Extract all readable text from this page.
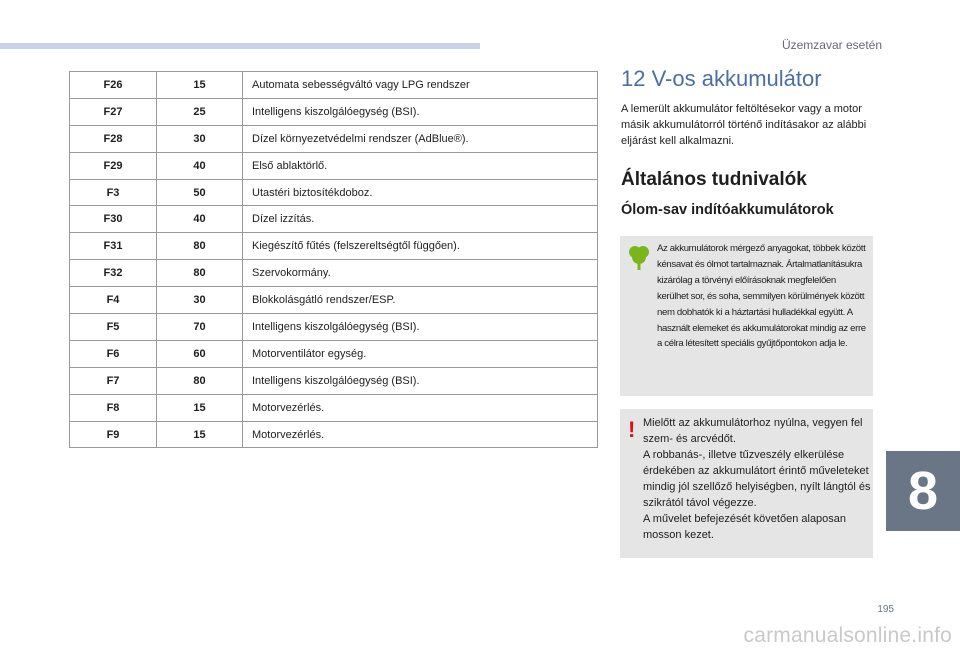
Üzemzavar esetén
F26	15	Automata sebességváltó vagy LPG rendszer
F27	25	Intelligens kiszolgálóegység (BSI).
F28	30	Dízel környezetvédelmi rendszer (AdBlue®).
F29	40	Első ablaktörlő.
F3	50	Utastéri biztosítékdoboz.
F30	40	Dízel izzítás.
F31	80	Kiegészítő fűtés (felszereltségtől függően).
F32	80	Szervokormány.
F4	30	Blokkolásgátló rendszer/ESP.
F5	70	Intelligens kiszolgálóegység (BSI).
F6	60	Motorventilátor egység.
F7	80	Intelligens kiszolgálóegység (BSI).
F8	15	Motorvezérlés.
F9	15	Motorvezérlés.
12 V-os akkumulátor

A lemerült akkumulátor feltöltésekor vagy a motor másik akkumulátorról történő indításakor az alábbi eljárást kell alkalmazni.

Általános tudnivalók
Ólom-sav indítóakkumulátorok

Az akkumulátorok mérgező anyagokat, többek között kénsavat és ólmot tartalmaznak. Ártalmatlanításukra kizárólag a törvényi előírásoknak megfelelően kerülhet sor, és soha, semmilyen körülmények között nem dobhatók ki a háztartási hulladékkal együtt. A használt elemeket és akkumulátorokat mindig az erre a célra létesített speciális gyűjtőpontokon adja le.

! Mielőtt az akkumulátorhoz nyúlna, vegyen fel szem- és arcvédőt.
A robbanás-, illetve tűzveszély elkerülése érdekében az akkumulátort érintő műveleteket mindig jól szellőző helyiségben, nyílt lángtól és szikrától távol végezze.
A művelet befejezését követően alaposan mosson kezet.

8
195
carmanualsonline.info
